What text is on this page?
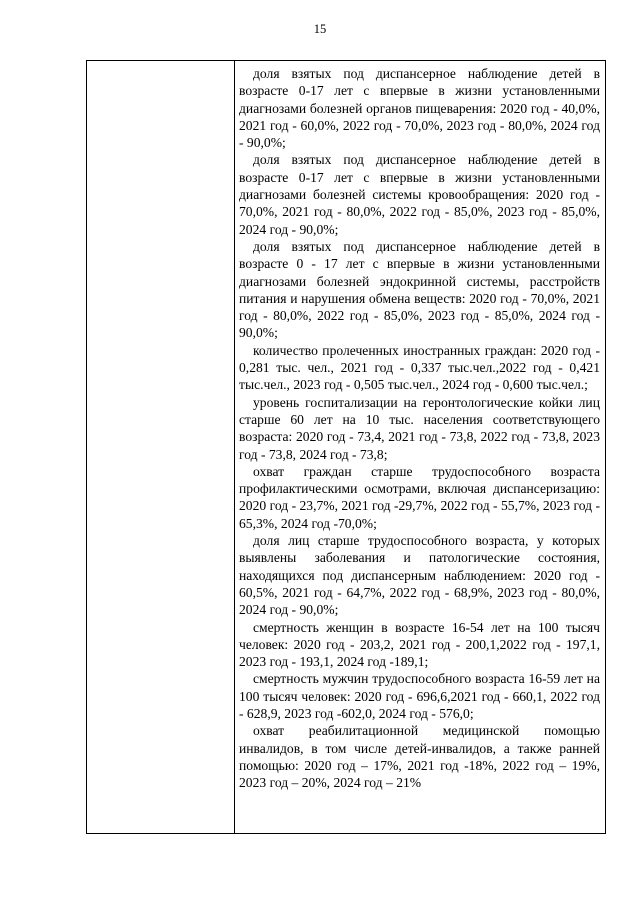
15

доля взятых под диспансерное наблюдение детей в возрасте 0-17 лет с впервые в жизни установленными диагнозами болезней органов пищеварения: 2020 год - 40,0%, 2021 год - 60,0%, 2022 год - 70,0%, 2023 год - 80,0%, 2024 год - 90,0%;

доля взятых под диспансерное наблюдение детей в возрасте 0-17 лет с впервые в жизни установленными диагнозами болезней системы кровообращения: 2020 год - 70,0%, 2021 год - 80,0%, 2022 год - 85,0%, 2023 год - 85,0%, 2024 год - 90,0%;

доля взятых под диспансерное наблюдение детей в возрасте 0 - 17 лет с впервые в жизни установленными диагнозами болезней эндокринной системы, расстройств питания и нарушения обмена веществ: 2020 год - 70,0%, 2021 год - 80,0%, 2022 год - 85,0%, 2023 год - 85,0%, 2024 год - 90,0%;

количество пролеченных иностранных граждан: 2020 год - 0,281 тыс. чел., 2021 год - 0,337 тыс.чел.,2022 год - 0,421 тыс.чел., 2023 год - 0,505 тыс.чел., 2024 год - 0,600 тыс.чел.;

уровень госпитализации на геронтологические койки лиц старше 60 лет на 10 тыс. населения соответствующего возраста: 2020 год - 73,4, 2021 год - 73,8, 2022 год - 73,8, 2023 год - 73,8, 2024 год - 73,8;

охват граждан старше трудоспособного возраста профилактическими осмотрами, включая диспансеризацию: 2020 год - 23,7%, 2021 год -29,7%, 2022 год - 55,7%, 2023 год - 65,3%, 2024 год -70,0%;

доля лиц старше трудоспособного возраста, у которых выявлены заболевания и патологические состояния, находящихся под диспансерным наблюдением: 2020 год - 60,5%, 2021 год - 64,7%, 2022 год - 68,9%, 2023 год - 80,0%, 2024 год - 90,0%;

смертность женщин в возрасте 16-54 лет на 100 тысяч человек: 2020 год - 203,2, 2021 год - 200,1,2022 год - 197,1, 2023 год - 193,1, 2024 год -189,1;

смертность мужчин трудоспособного возраста 16-59 лет на 100 тысяч человек: 2020 год - 696,6,2021 год - 660,1, 2022 год - 628,9, 2023 год -602,0, 2024 год - 576,0;

охват реабилитационной медицинской помощью инвалидов, в том числе детей-инвалидов, а также ранней помощью: 2020 год – 17%, 2021 год -18%, 2022 год – 19%, 2023 год – 20%, 2024 год – 21%
